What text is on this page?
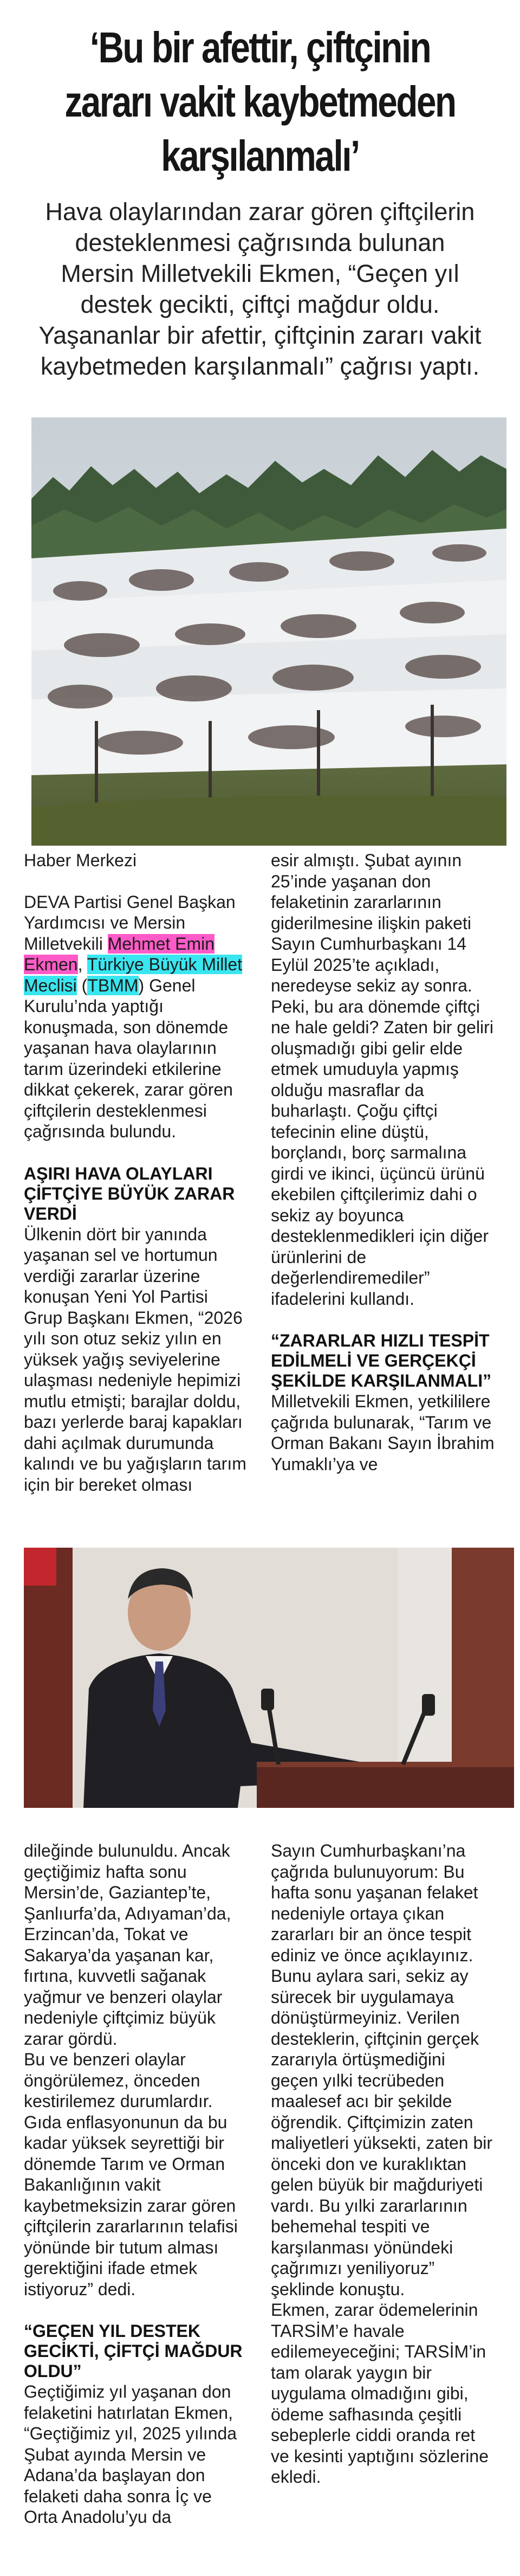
‘Bu bir afettir, çiftçinin zararı vakit kaybetmeden karşılanmalı’

Hava olaylarından zarar gören çiftçilerin desteklenmesi çağrısında bulunan Mersin Milletvekili Ekmen, “Geçen yıl destek gecikti, çiftçi mağdur oldu. Yaşananlar bir afettir, çiftçinin zararı vakit kaybetmeden karşılanmalı” çağrısı yaptı.

Haber Merkezi

DEVA Partisi Genel Başkan Yardımcısı ve Mersin Milletvekili Mehmet Emin Ekmen, Türkiye Büyük Millet Meclisi (TBMM) Genel Kurulu’nda yaptığı konuşmada, son dönemde yaşanan hava olaylarının tarım üzerindeki etkilerine dikkat çekerek, zarar gören çiftçilerin desteklenmesi çağrısında bulundu.

AŞIRI HAVA OLAYLARI ÇİFTÇİYE BÜYÜK ZARAR VERDİ

Ülkenin dört bir yanında yaşanan sel ve hortumun verdiği zararlar üzerine konuşan Yeni Yol Partisi Grup Başkanı Ekmen, “2026 yılı son otuz sekiz yılın en yüksek yağış seviyelerine ulaşması nedeniyle hepimizi mutlu etmişti; barajlar doldu, bazı yerlerde baraj kapakları dahi açılmak durumunda kalındı ve bu yağışların tarım için bir bereket olması

esir almıştı. Şubat ayının 25’inde yaşanan don felaketinin zararlarının giderilmesine ilişkin paketi Sayın Cumhurbaşkanı 14 Eylül 2025’te açıkladı, neredeyse sekiz ay sonra. Peki, bu ara dönemde çiftçi ne hale geldi? Zaten bir geliri oluşmadığı gibi gelir elde etmek umuduyla yapmış olduğu masraflar da buharlaştı. Çoğu çiftçi tefecinin eline düştü, borçlandı, borç sarmalına girdi ve ikinci, üçüncü ürünü ekebilen çiftçilerimiz dahi o sekiz ay boyunca desteklenmedikleri için diğer ürünlerini de değerlendiremediler” ifadelerini kullandı.

“ZARARLAR HIZLI TESPİT EDİLMELİ VE GERÇEKÇİ ŞEKİLDE KARŞILANMALI”

Milletvekili Ekmen, yetkililere çağrıda bulunarak, “Tarım ve Orman Bakanı Sayın İbrahim Yumaklı’ya ve

dileğinde bulunuldu. Ancak geçtiğimiz hafta sonu Mersin’de, Gaziantep’te, Şanlıurfa’da, Adıyaman’da, Erzincan’da, Tokat ve Sakarya’da yaşanan kar, fırtına, kuvvetli sağanak yağmur ve benzeri olaylar nedeniyle çiftçimiz büyük zarar gördü.

Bu ve benzeri olaylar öngörülemez, önceden kestirilemez durumlardır. Gıda enflasyonunun da bu kadar yüksek seyrettiği bir dönemde Tarım ve Orman Bakanlığının vakit kaybetmeksizin zarar gören çiftçilerin zararlarının telafisi yönünde bir tutum alması gerektiğini ifade etmek istiyoruz” dedi.

“GEÇEN YIL DESTEK GECİKTİ, ÇİFTÇİ MAĞDUR OLDU”

Geçtiğimiz yıl yaşanan don felaketini hatırlatan Ekmen, “Geçtiğimiz yıl, 2025 yılında Şubat ayında Mersin ve Adana’da başlayan don felaketi daha sonra İç ve Orta Anadolu’yu da

Sayın Cumhurbaşkanı’na çağrıda bulunuyorum: Bu hafta sonu yaşanan felaket nedeniyle ortaya çıkan zararları bir an önce tespit ediniz ve önce açıklayınız. Bunu aylara sari, sekiz ay sürecek bir uygulamaya dönüştürmeyiniz. Verilen desteklerin, çiftçinin gerçek zararıyla örtüşmediğini geçen yılki tecrübeden maalesef acı bir şekilde öğrendik. Çiftçimizin zaten maliyetleri yüksekti, zaten bir önceki don ve kuraklıktan gelen büyük bir mağduriyeti vardı. Bu yılki zararlarının behemehal tespiti ve karşılanması yönündeki çağrımızı yeniliyoruz” şeklinde konuştu.

Ekmen, zarar ödemelerinin TARSİM’e havale edilemeyeceğini; TARSİM’in tam olarak yaygın bir uygulama olmadığını gibi, ödeme safhasında çeşitli sebeplerle ciddi oranda ret ve kesinti yaptığını sözlerine ekledi.
